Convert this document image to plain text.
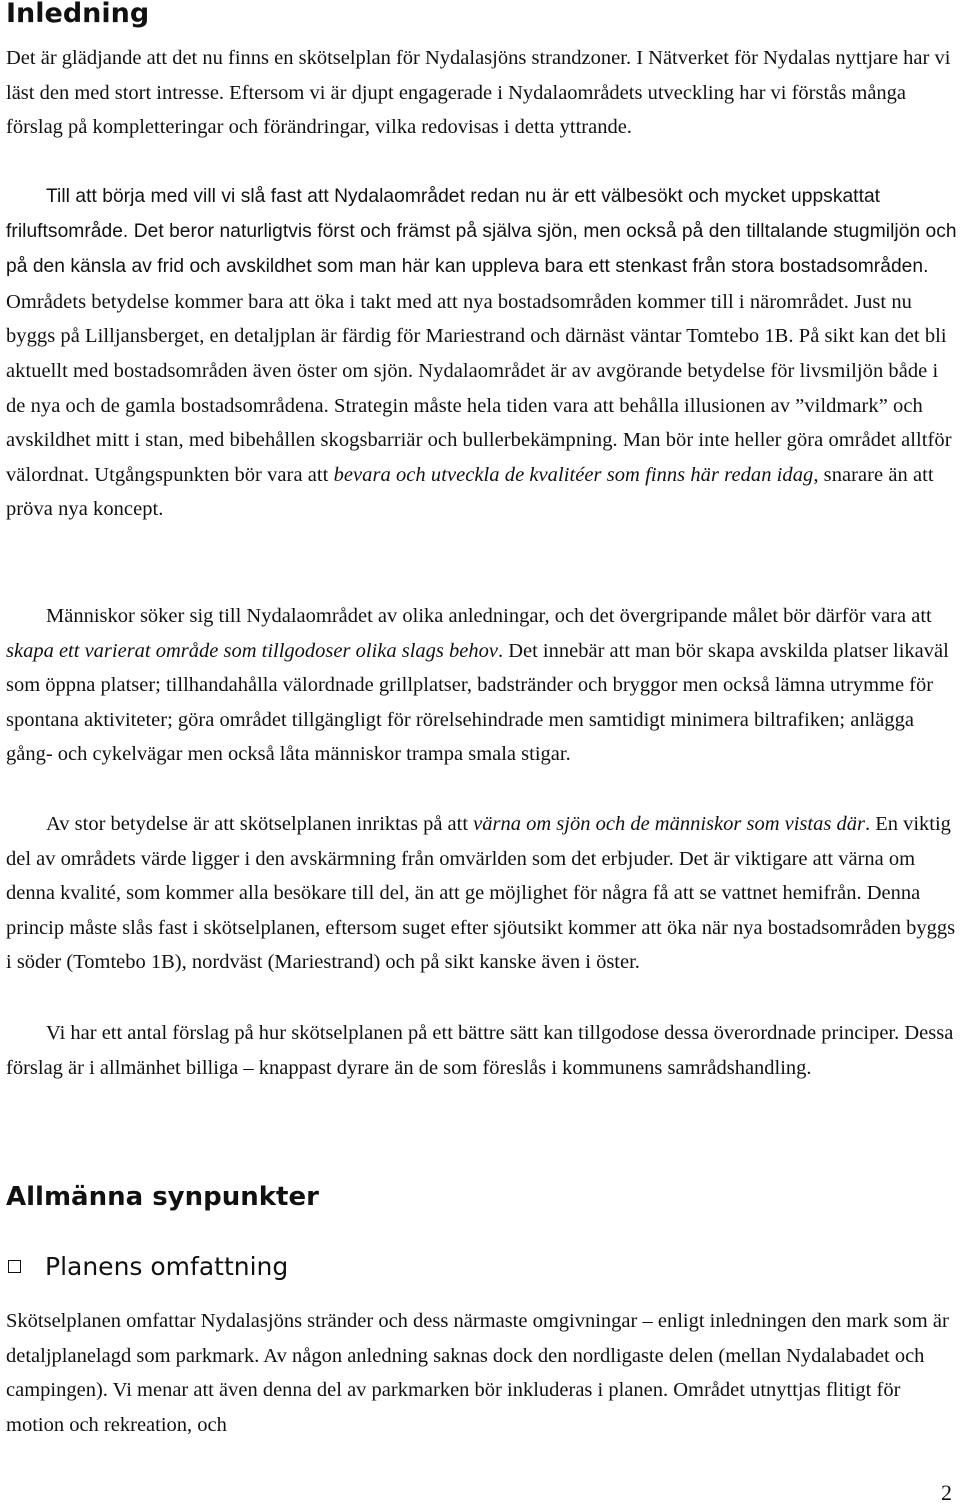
Inledning

Det är glädjande att det nu finns en skötselplan för Nydalasjöns strandzoner. I Nätverket för Nydalas nyttjare har vi läst den med stort intresse. Eftersom vi är djupt engagerade i Nydalaområdets utveckling har vi förstås många förslag på kompletteringar och förändringar, vilka redovisas i detta yttrande.

Till att börja med vill vi slå fast att Nydalaområdet redan nu är ett välbesökt och mycket uppskattat friluftsområde. Det beror naturligtvis först och främst på själva sjön, men också på den tilltalande stugmiljön och på den känsla av frid och avskildhet som man här kan uppleva bara ett stenkast från stora bostadsområden. Områdets betydelse kommer bara att öka i takt med att nya bostadsområden kommer till i närområdet. Just nu byggs på Lilljansberget, en detaljplan är färdig för Mariestrand och därnäst väntar Tomtebo 1B. På sikt kan det bli aktuellt med bostadsområden även öster om sjön. Nydalaområdet är av avgörande betydelse för livsmiljön både i de nya och de gamla bostadsområdena. Strategin måste hela tiden vara att behålla illusionen av ”vildmark” och avskildhet mitt i stan, med bibehållen skogsbarriär och bullerbekämpning. Man bör inte heller göra området alltför välordnat. Utgångspunkten bör vara att bevara och utveckla de kvalitéer som finns här redan idag, snarare än att pröva nya koncept.

Människor söker sig till Nydalaområdet av olika anledningar, och det övergripande målet bör därför vara att skapa ett varierat område som tillgodoser olika slags behov. Det innebär att man bör skapa avskilda platser likaväl som öppna platser; tillhandahålla välordnade grillplatser, badstränder och bryggor men också lämna utrymme för spontana aktiviteter; göra området tillgängligt för rörelsehindrade men samtidigt minimera biltrafiken; anlägga gång- och cykelvägar men också låta människor trampa smala stigar.

Av stor betydelse är att skötselplanen inriktas på att värna om sjön och de människor som vistas där. En viktig del av områdets värde ligger i den avskärmning från omvärlden som det erbjuder. Det är viktigare att värna om denna kvalité, som kommer alla besökare till del, än att ge möjlighet för några få att se vattnet hemifrån. Denna princip måste slås fast i skötselplanen, eftersom suget efter sjöutsikt kommer att öka när nya bostadsområden byggs i söder (Tomtebo 1B), nordväst (Mariestrand) och på sikt kanske även i öster.

Vi har ett antal förslag på hur skötselplanen på ett bättre sätt kan tillgodose dessa överordnade principer. Dessa förslag är i allmänhet billiga – knappast dyrare än de som föreslås i kommunens samrådshandling.

Allmänna synpunkter
Planens omfattning

Skötselplanen omfattar Nydalasjöns stränder och dess närmaste omgivningar – enligt inledningen den mark som är detaljplanelagd som parkmark. Av någon anledning saknas dock den nordligaste delen (mellan Nydalabadet och campingen). Vi menar att även denna del av parkmarken bör inkluderas i planen. Området utnyttjas flitigt för motion och rekreation, och

2
